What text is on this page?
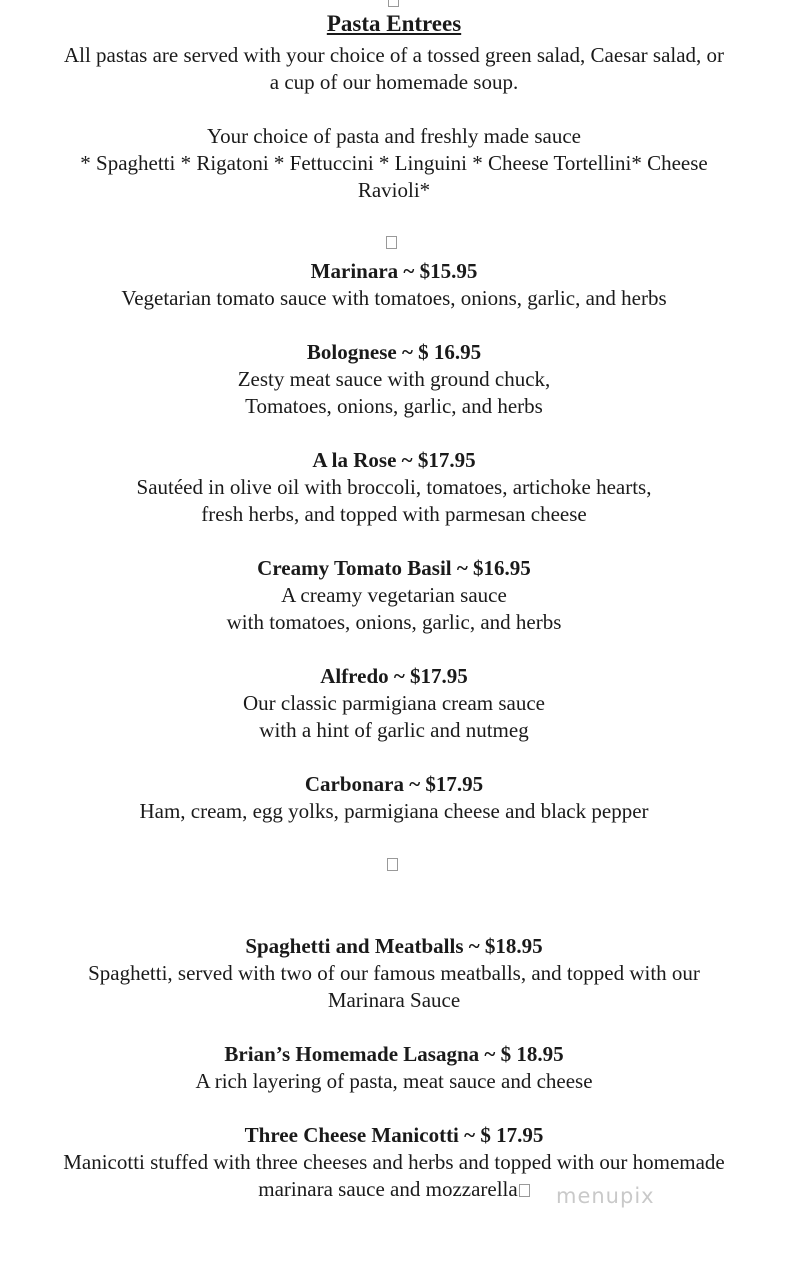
Pasta Entrees

All pastas are served with your choice of a tossed green salad, Caesar salad, or

a cup of our homemade soup.

Your choice of pasta and freshly made sauce

* Spaghetti * Rigatoni * Fettuccini * Linguini * Cheese Tortellini* Cheese

Ravioli*

Marinara ~ $15.95

Vegetarian tomato sauce with tomatoes, onions, garlic, and herbs

Bolognese ~ $ 16.95

Zesty meat sauce with ground chuck,

Tomatoes, onions, garlic, and herbs

A la Rose ~ $17.95

Sautéed in olive oil with broccoli, tomatoes, artichoke hearts,

fresh herbs, and topped with parmesan cheese

Creamy Tomato Basil ~ $16.95

A creamy vegetarian sauce

with tomatoes, onions, garlic, and herbs

Alfredo ~ $17.95

Our classic parmigiana cream sauce

with a hint of garlic and nutmeg

Carbonara ~ $17.95

Ham, cream, egg yolks, parmigiana cheese and black pepper

Spaghetti and Meatballs ~ $18.95

Spaghetti, served with two of our famous meatballs, and topped with our

Marinara Sauce

Brian’s Homemade Lasagna ~ $ 18.95

A rich layering of pasta, meat sauce and cheese

Three Cheese Manicotti ~ $ 17.95

Manicotti stuffed with three cheeses and herbs and topped with our homemade

marinara sauce and mozzarella	menupix
